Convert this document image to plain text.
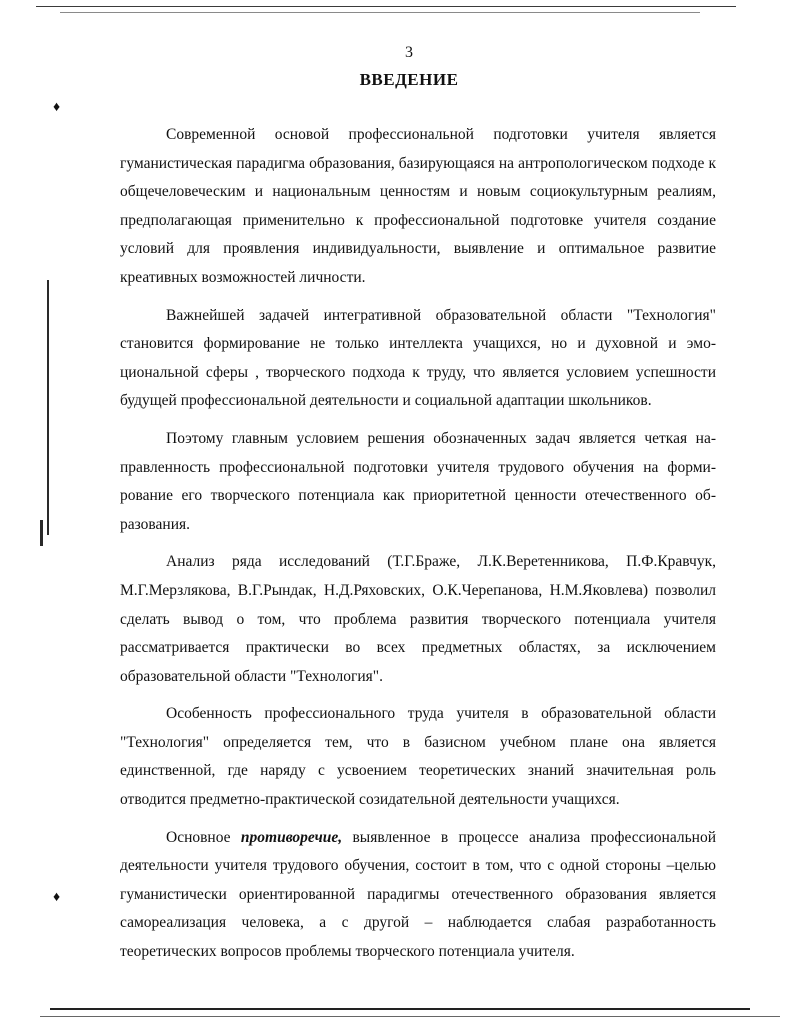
♦
♦
3
ВВЕДЕНИЕ

Современной основой профессиональной подготовки учителя является гуманистическая парадигма образования, базирующаяся на антропологическом подходе к общечеловеческим и национальным ценностям и новым социокультурным реалиям, предполагающая применительно к профессиональной подготовке учителя создание условий для проявления индивидуальности, выявление и оптимальное развитие креативных возможностей личности.

Важнейшей задачей интегративной образовательной области "Технология" становится формирование не только интеллекта учащихся, но и духовной и эмоциональной сферы , творческого подхода к труду, что является условием успешности будущей профессиональной деятельности и социальной адаптации школьников.

Поэтому главным условием решения обозначенных задач является четкая направленность профессиональной подготовки учителя трудового обучения на формирование его творческого потенциала как приоритетной ценности отечественного образования.

Анализ ряда исследований (Т.Г.Браже, Л.К.Веретенникова, П.Ф.Кравчук, М.Г.Мерзлякова, В.Г.Рындак, Н.Д.Ряховских, О.К.Черепанова, Н.М.Яковлева) позволил сделать вывод о том, что проблема развития творческого потенциала учителя рассматривается практически во всех предметных областях, за исключением образовательной области "Технология".

Особенность профессионального труда учителя в образовательной области "Технология" определяется тем, что в базисном учебном плане она является единственной, где наряду с усвоением теоретических знаний значительная роль отводится предметно-практической созидательной деятельности учащихся.

Основное противоречие, выявленное в процессе анализа профессиональной деятельности учителя трудового обучения, состоит в том, что с одной стороны –целью гуманистически ориентированной парадигмы отечественного образования является самореализация человека, а с другой – наблюдается слабая разработанность теоретических вопросов проблемы творческого потенциала учителя.
